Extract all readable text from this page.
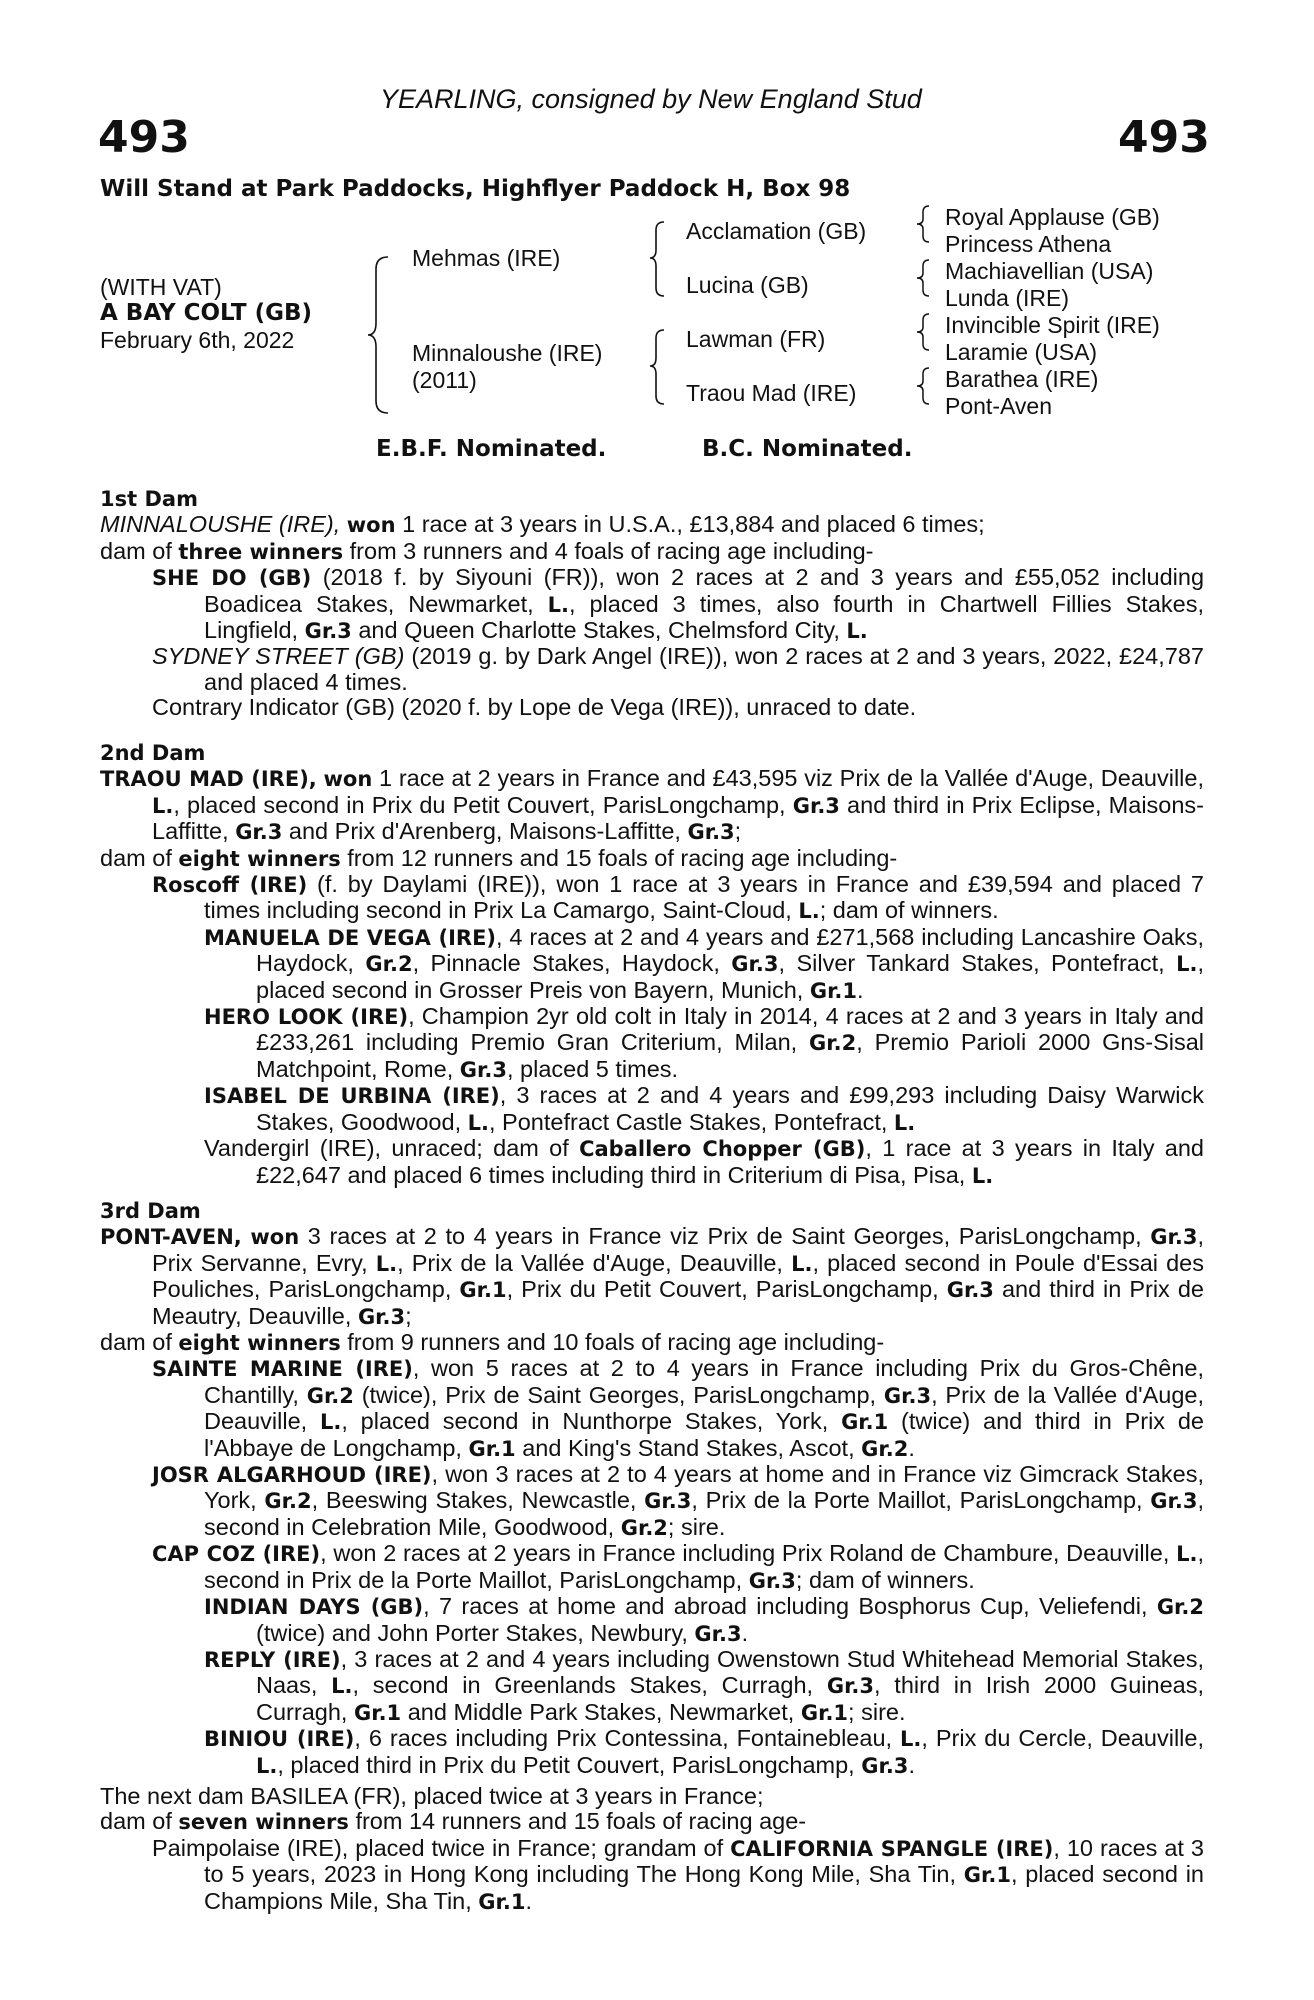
YEARLING, consigned by New England Stud
493	493
Will Stand at Park Paddocks, Highflyer Paddock H, Box 98
(WITH VAT)
A BAY COLT (GB)
February 6th, 2022
Mehmas (IRE)
Minnaloushe (IRE)
(2011)
Acclamation (GB)
Lucina (GB)
Lawman (FR)
Traou Mad (IRE)
Royal Applause (GB)
Princess Athena
Machiavellian (USA)
Lunda (IRE)
Invincible Spirit (IRE)
Laramie (USA)
Barathea (IRE)
Pont-Aven
E.B.F. Nominated.	B.C. Nominated.

1st Dam

MINNALOUSHE (IRE), won 1 race at 3 years in U.S.A., £13,884 and placed 6 times;

dam of three winners from 3 runners and 4 foals of racing age including-

SHE DO (GB) (2018 f. by Siyouni (FR)), won 2 races at 2 and 3 years and £55,052 including Boadicea Stakes, Newmarket, L., placed 3 times, also fourth in Chartwell Fillies Stakes, Lingfield, Gr.3 and Queen Charlotte Stakes, Chelmsford City, L.

SYDNEY STREET (GB) (2019 g. by Dark Angel (IRE)), won 2 races at 2 and 3 years, 2022, £24,787 and placed 4 times.

Contrary Indicator (GB) (2020 f. by Lope de Vega (IRE)), unraced to date.

2nd Dam

TRAOU MAD (IRE), won 1 race at 2 years in France and £43,595 viz Prix de la Vallée d'Auge, Deauville, L., placed second in Prix du Petit Couvert, ParisLongchamp, Gr.3 and third in Prix Eclipse, Maisons-Laffitte, Gr.3 and Prix d'Arenberg, Maisons-Laffitte, Gr.3;

dam of eight winners from 12 runners and 15 foals of racing age including-

Roscoff (IRE) (f. by Daylami (IRE)), won 1 race at 3 years in France and £39,594 and placed 7 times including second in Prix La Camargo, Saint-Cloud, L.; dam of winners.

MANUELA DE VEGA (IRE), 4 races at 2 and 4 years and £271,568 including Lancashire Oaks, Haydock, Gr.2, Pinnacle Stakes, Haydock, Gr.3, Silver Tankard Stakes, Pontefract, L., placed second in Grosser Preis von Bayern, Munich, Gr.1.

HERO LOOK (IRE), Champion 2yr old colt in Italy in 2014, 4 races at 2 and 3 years in Italy and £233,261 including Premio Gran Criterium, Milan, Gr.2, Premio Parioli 2000 Gns-Sisal Matchpoint, Rome, Gr.3, placed 5 times.

ISABEL DE URBINA (IRE), 3 races at 2 and 4 years and £99,293 including Daisy Warwick Stakes, Goodwood, L., Pontefract Castle Stakes, Pontefract, L.

Vandergirl (IRE), unraced; dam of Caballero Chopper (GB), 1 race at 3 years in Italy and £22,647 and placed 6 times including third in Criterium di Pisa, Pisa, L.

3rd Dam

PONT-AVEN, won 3 races at 2 to 4 years in France viz Prix de Saint Georges, ParisLongchamp, Gr.3, Prix Servanne, Evry, L., Prix de la Vallée d'Auge, Deauville, L., placed second in Poule d'Essai des Pouliches, ParisLongchamp, Gr.1, Prix du Petit Couvert, ParisLongchamp, Gr.3 and third in Prix de Meautry, Deauville, Gr.3;

dam of eight winners from 9 runners and 10 foals of racing age including-

SAINTE MARINE (IRE), won 5 races at 2 to 4 years in France including Prix du Gros-Chêne, Chantilly, Gr.2 (twice), Prix de Saint Georges, ParisLongchamp, Gr.3, Prix de la Vallée d'Auge, Deauville, L., placed second in Nunthorpe Stakes, York, Gr.1 (twice) and third in Prix de l'Abbaye de Longchamp, Gr.1 and King's Stand Stakes, Ascot, Gr.2.

JOSR ALGARHOUD (IRE), won 3 races at 2 to 4 years at home and in France viz Gimcrack Stakes, York, Gr.2, Beeswing Stakes, Newcastle, Gr.3, Prix de la Porte Maillot, ParisLongchamp, Gr.3, second in Celebration Mile, Goodwood, Gr.2; sire.

CAP COZ (IRE), won 2 races at 2 years in France including Prix Roland de Chambure, Deauville, L., second in Prix de la Porte Maillot, ParisLongchamp, Gr.3; dam of winners.

INDIAN DAYS (GB), 7 races at home and abroad including Bosphorus Cup, Veliefendi, Gr.2 (twice) and John Porter Stakes, Newbury, Gr.3.

REPLY (IRE), 3 races at 2 and 4 years including Owenstown Stud Whitehead Memorial Stakes, Naas, L., second in Greenlands Stakes, Curragh, Gr.3, third in Irish 2000 Guineas, Curragh, Gr.1 and Middle Park Stakes, Newmarket, Gr.1; sire.

BINIOU (IRE), 6 races including Prix Contessina, Fontainebleau, L., Prix du Cercle, Deauville, L., placed third in Prix du Petit Couvert, ParisLongchamp, Gr.3.

The next dam BASILEA (FR), placed twice at 3 years in France;

dam of seven winners from 14 runners and 15 foals of racing age-

Paimpolaise (IRE), placed twice in France; grandam of CALIFORNIA SPANGLE (IRE), 10 races at 3 to 5 years, 2023 in Hong Kong including The Hong Kong Mile, Sha Tin, Gr.1, placed second in Champions Mile, Sha Tin, Gr.1.
